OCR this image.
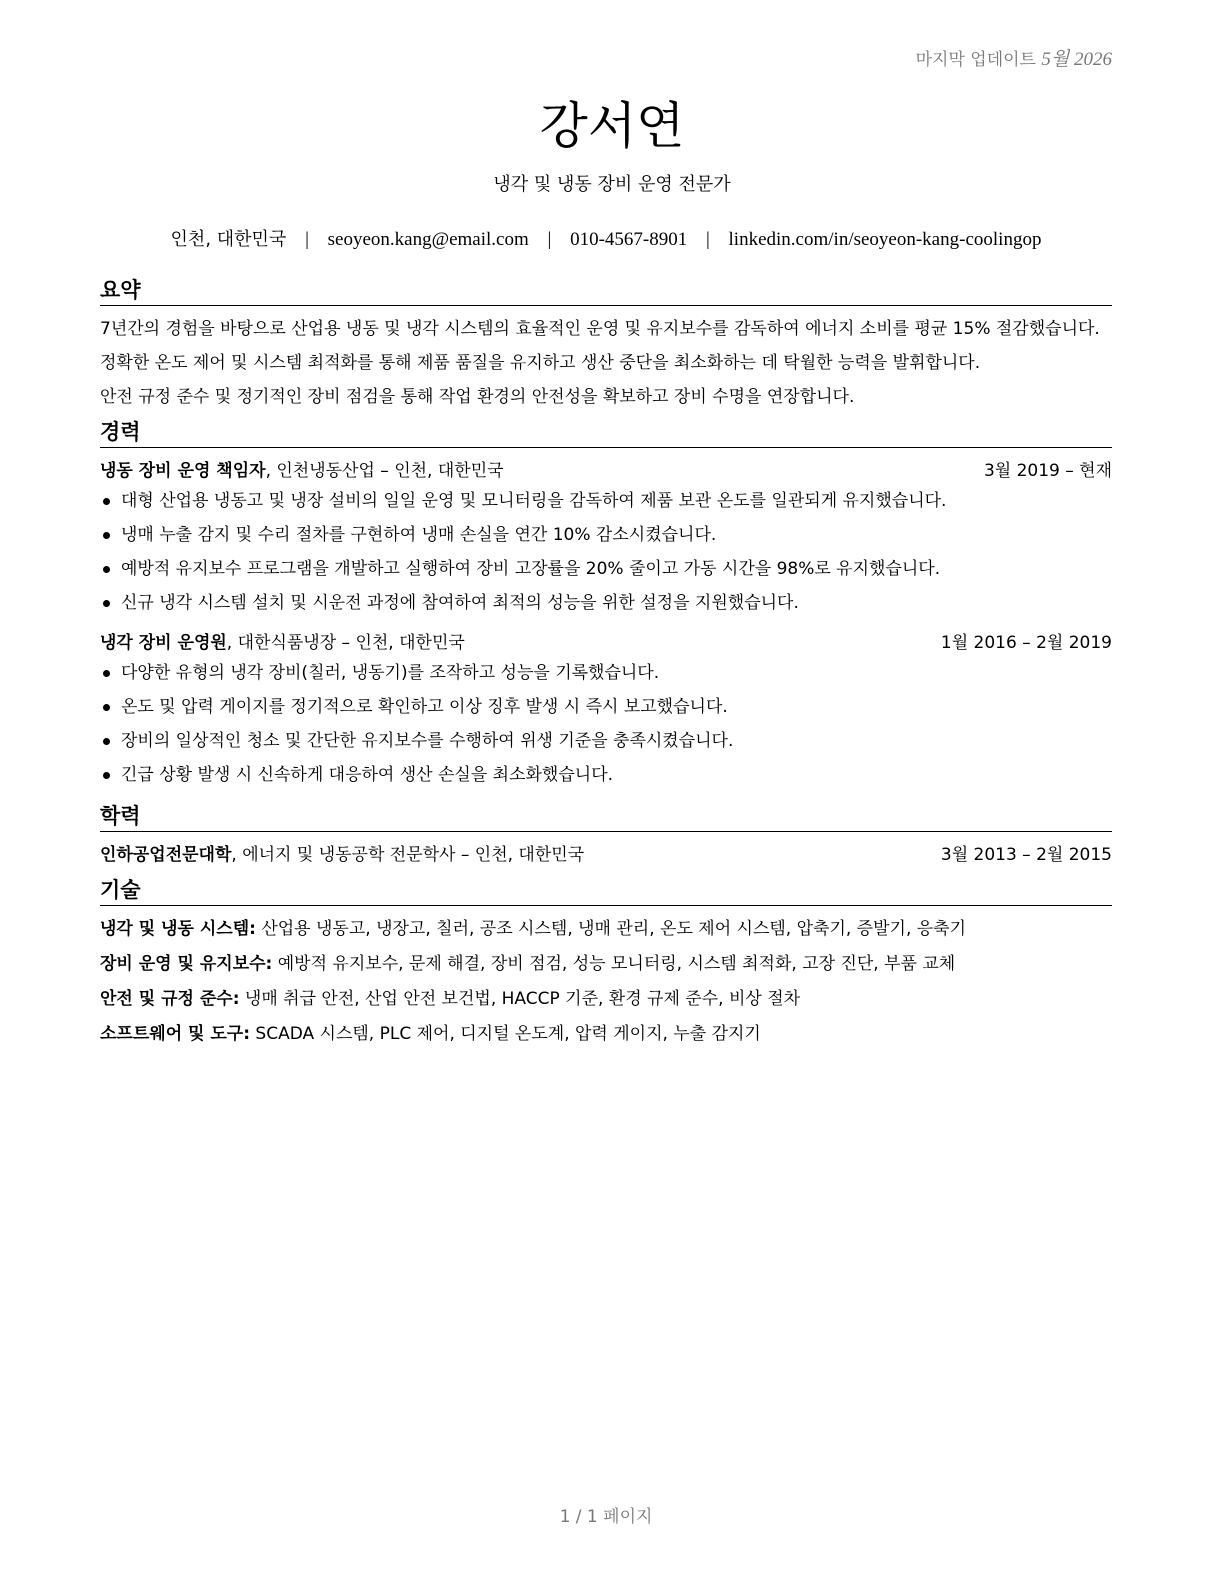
마지막 업데이트 5월 2026
강서연
냉각 및 냉동 장비 운영 전문가
인천, 대한민국 | seoyeon.kang@email.com | 010-4567-8901 | linkedin.com/in/seoyeon-kang-coolingop
요약

7년간의 경험을 바탕으로 산업용 냉동 및 냉각 시스템의 효율적인 운영 및 유지보수를 감독하여 에너지 소비를 평균 15% 절감했습니다.

정확한 온도 제어 및 시스템 최적화를 통해 제품 품질을 유지하고 생산 중단을 최소화하는 데 탁월한 능력을 발휘합니다.

안전 규정 준수 및 정기적인 장비 점검을 통해 작업 환경의 안전성을 확보하고 장비 수명을 연장합니다.

경력
냉동 장비 운영 책임자, 인천냉동산업 – 인천, 대한민국	3월 2019 – 현재
대형 산업용 냉동고 및 냉장 설비의 일일 운영 및 모니터링을 감독하여 제품 보관 온도를 일관되게 유지했습니다.
냉매 누출 감지 및 수리 절차를 구현하여 냉매 손실을 연간 10% 감소시켰습니다.
예방적 유지보수 프로그램을 개발하고 실행하여 장비 고장률을 20% 줄이고 가동 시간을 98%로 유지했습니다.
신규 냉각 시스템 설치 및 시운전 과정에 참여하여 최적의 성능을 위한 설정을 지원했습니다.
냉각 장비 운영원, 대한식품냉장 – 인천, 대한민국	1월 2016 – 2월 2019
다양한 유형의 냉각 장비(칠러, 냉동기)를 조작하고 성능을 기록했습니다.
온도 및 압력 게이지를 정기적으로 확인하고 이상 징후 발생 시 즉시 보고했습니다.
장비의 일상적인 청소 및 간단한 유지보수를 수행하여 위생 기준을 충족시켰습니다.
긴급 상황 발생 시 신속하게 대응하여 생산 손실을 최소화했습니다.
학력
인하공업전문대학, 에너지 및 냉동공학 전문학사 – 인천, 대한민국	3월 2013 – 2월 2015
기술
냉각 및 냉동 시스템: 산업용 냉동고, 냉장고, 칠러, 공조 시스템, 냉매 관리, 온도 제어 시스템, 압축기, 증발기, 응축기
장비 운영 및 유지보수: 예방적 유지보수, 문제 해결, 장비 점검, 성능 모니터링, 시스템 최적화, 고장 진단, 부품 교체
안전 및 규정 준수: 냉매 취급 안전, 산업 안전 보건법, HACCP 기준, 환경 규제 준수, 비상 절차
소프트웨어 및 도구: SCADA 시스템, PLC 제어, 디지털 온도계, 압력 게이지, 누출 감지기
1 / 1 페이지
